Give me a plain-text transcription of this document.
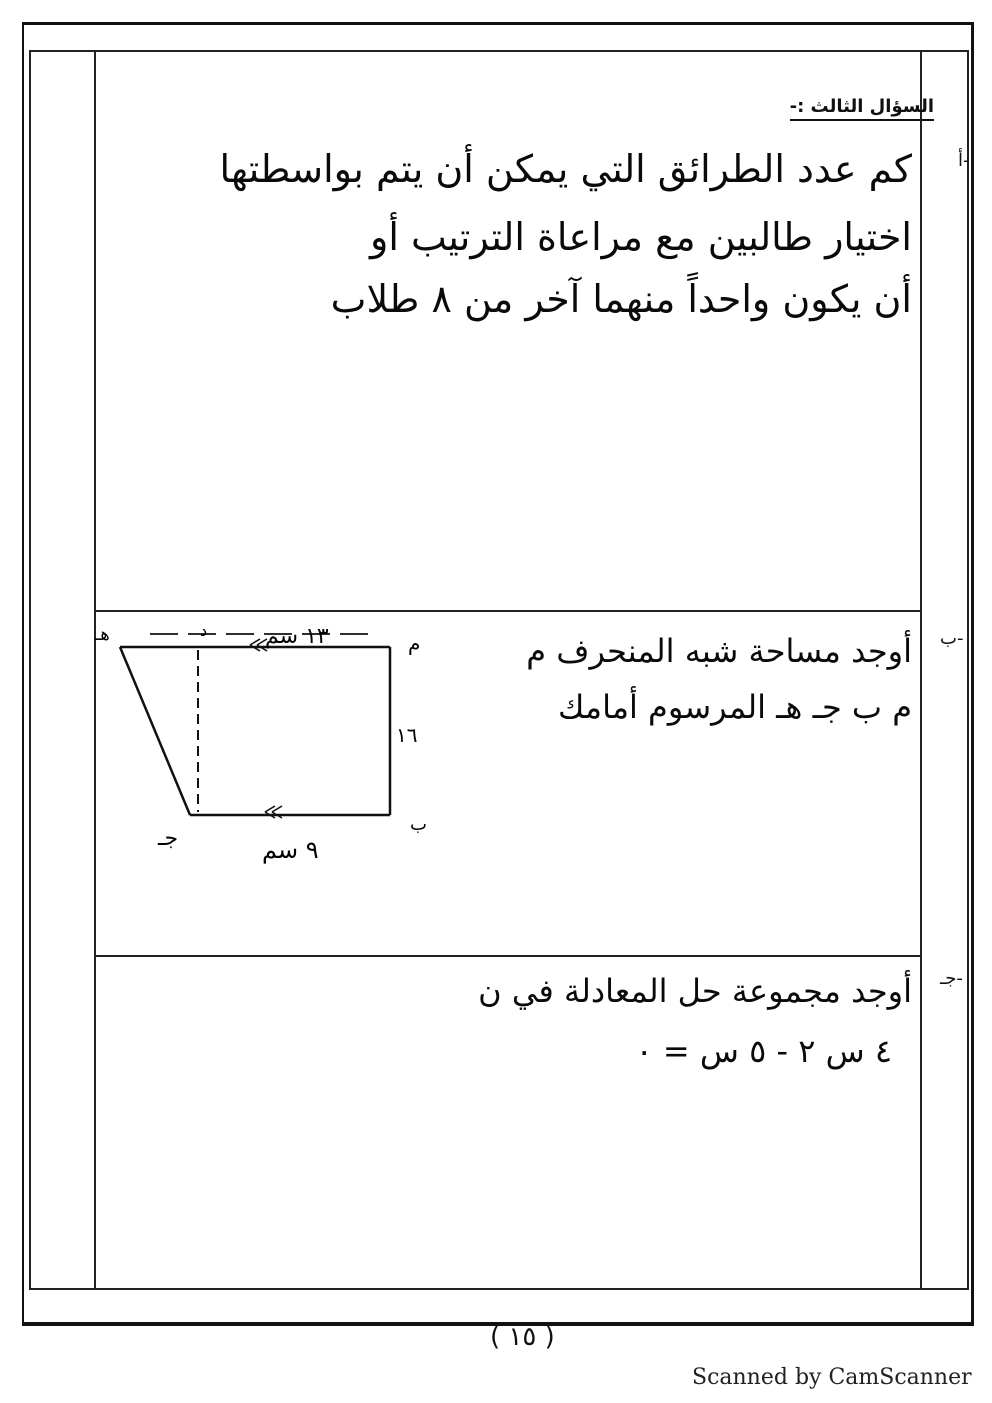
السؤال الثالث :-
أ-
كم عدد الطرائق التي يمكن أن يتم بواسطتها
اختيار طالبين مع مراعاة الترتيب أو
أن يكون واحداً منهما آخر من ٨ طلاب
ب-
أوجد مساحة شبه المنحرف م
م ب جـ هـ المرسوم أمامك
١٣ سم
١٦
٩ سم
هـ	د
م
ب
جـ
جـ-
أوجد مجموعة حل المعادلة في ن
٤ س ٢ - ٥ س = ٠
( ١٥ )
Scanned by CamScanner
